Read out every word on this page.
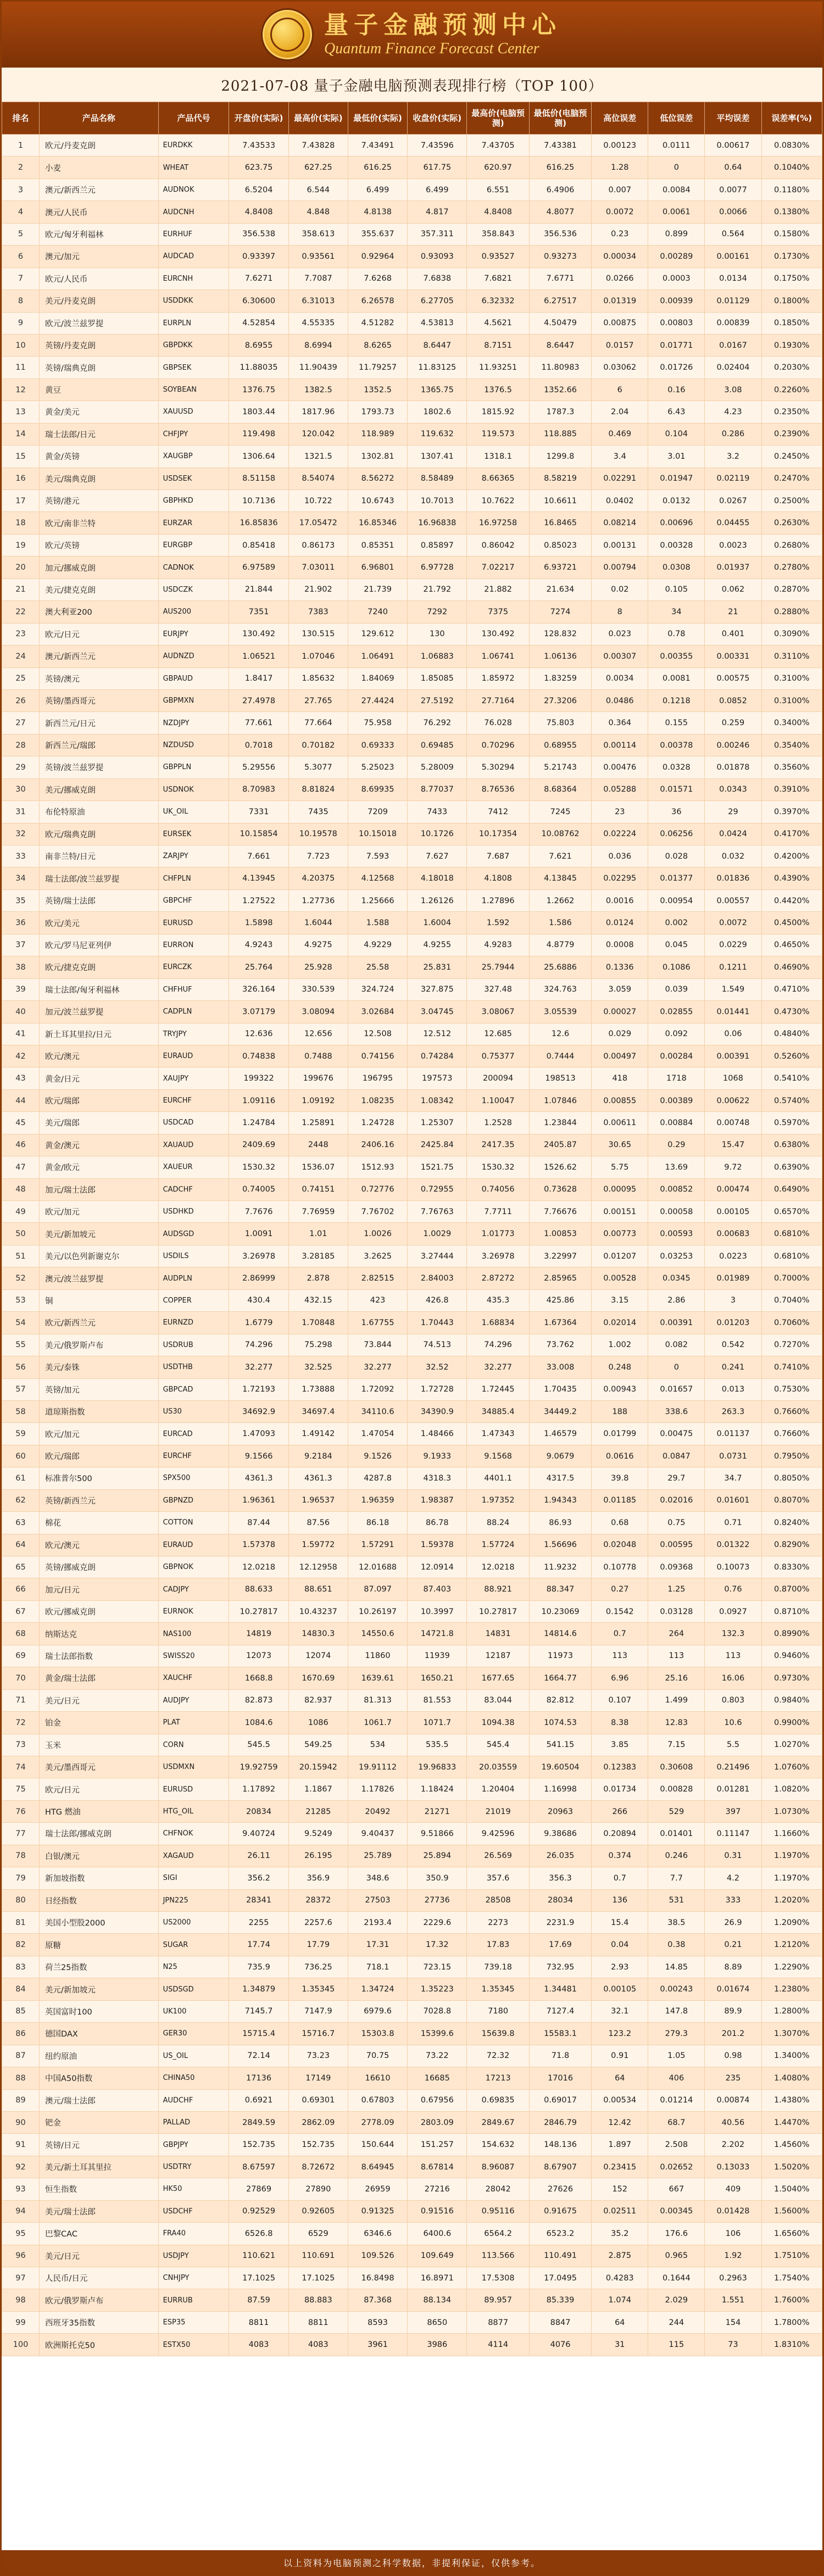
量子金融预测中心
Quantum Finance Forecast Center
2021-07-08 量子金融电脑预测表现排行榜（TOP 100）
排名	产品名称	产品代号	开盘价(实际)	最高价(实际)	最低价(实际)	收盘价(实际)	最高价(电脑预测)	最低价(电脑预测)	高位误差	低位误差	平均误差	误差率(%)
1	欧元/丹麦克朗	EURDKK	7.43533	7.43828	7.43491	7.43596	7.43705	7.43381	0.00123	0.0111	0.00617	0.0830%
2	小麦	WHEAT	623.75	627.25	616.25	617.75	620.97	616.25	1.28	0	0.64	0.1040%
3	澳元/新西兰元	AUDNOK	6.5204	6.544	6.499	6.499	6.551	6.4906	0.007	0.0084	0.0077	0.1180%
4	澳元/人民币	AUDCNH	4.8408	4.848	4.8138	4.817	4.8408	4.8077	0.0072	0.0061	0.0066	0.1380%
5	欧元/匈牙利福林	EURHUF	356.538	358.613	355.637	357.311	358.843	356.536	0.23	0.899	0.564	0.1580%
6	澳元/加元	AUDCAD	0.93397	0.93561	0.92964	0.93093	0.93527	0.93273	0.00034	0.00289	0.00161	0.1730%
7	欧元/人民币	EURCNH	7.6271	7.7087	7.6268	7.6838	7.6821	7.6771	0.0266	0.0003	0.0134	0.1750%
8	美元/丹麦克朗	USDDKK	6.30600	6.31013	6.26578	6.27705	6.32332	6.27517	0.01319	0.00939	0.01129	0.1800%
9	欧元/波兰兹罗提	EURPLN	4.52854	4.55335	4.51282	4.53813	4.5621	4.50479	0.00875	0.00803	0.00839	0.1850%
10	英镑/丹麦克朗	GBPDKK	8.6955	8.6994	8.6265	8.6447	8.7151	8.6447	0.0157	0.01771	0.0167	0.1930%
11	英镑/瑞典克朗	GBPSEK	11.88035	11.90439	11.79257	11.83125	11.93251	11.80983	0.03062	0.01726	0.02404	0.2030%
12	黄豆	SOYBEAN	1376.75	1382.5	1352.5	1365.75	1376.5	1352.66	6	0.16	3.08	0.2260%
13	黄金/美元	XAUUSD	1803.44	1817.96	1793.73	1802.6	1815.92	1787.3	2.04	6.43	4.23	0.2350%
14	瑞士法郎/日元	CHFJPY	119.498	120.042	118.989	119.632	119.573	118.885	0.469	0.104	0.286	0.2390%
15	黄金/英镑	XAUGBP	1306.64	1321.5	1302.81	1307.41	1318.1	1299.8	3.4	3.01	3.2	0.2450%
16	美元/瑞典克朗	USDSEK	8.51158	8.54074	8.56272	8.58489	8.66365	8.58219	0.02291	0.01947	0.02119	0.2470%
17	英镑/港元	GBPHKD	10.7136	10.722	10.6743	10.7013	10.7622	10.6611	0.0402	0.0132	0.0267	0.2500%
18	欧元/南非兰特	EURZAR	16.85836	17.05472	16.85346	16.96838	16.97258	16.8465	0.08214	0.00696	0.04455	0.2630%
19	欧元/英镑	EURGBP	0.85418	0.86173	0.85351	0.85897	0.86042	0.85023	0.00131	0.00328	0.0023	0.2680%
20	加元/挪威克朗	CADNOK	6.97589	7.03011	6.96801	6.97728	7.02217	6.93721	0.00794	0.0308	0.01937	0.2780%
21	美元/捷克克朗	USDCZK	21.844	21.902	21.739	21.792	21.882	21.634	0.02	0.105	0.062	0.2870%
22	澳大利亚200	AUS200	7351	7383	7240	7292	7375	7274	8	34	21	0.2880%
23	欧元/日元	EURJPY	130.492	130.515	129.612	130	130.492	128.832	0.023	0.78	0.401	0.3090%
24	澳元/新西兰元	AUDNZD	1.06521	1.07046	1.06491	1.06883	1.06741	1.06136	0.00307	0.00355	0.00331	0.3110%
25	英镑/澳元	GBPAUD	1.8417	1.85632	1.84069	1.85085	1.85972	1.83259	0.0034	0.0081	0.00575	0.3100%
26	英镑/墨西哥元	GBPMXN	27.4978	27.765	27.4424	27.5192	27.7164	27.3206	0.0486	0.1218	0.0852	0.3100%
27	新西兰元/日元	NZDJPY	77.661	77.664	75.958	76.292	76.028	75.803	0.364	0.155	0.259	0.3400%
28	新西兰元/瑞郎	NZDUSD	0.7018	0.70182	0.69333	0.69485	0.70296	0.68955	0.00114	0.00378	0.00246	0.3540%
29	英镑/波兰兹罗提	GBPPLN	5.29556	5.3077	5.25023	5.28009	5.30294	5.21743	0.00476	0.0328	0.01878	0.3560%
30	美元/挪威克朗	USDNOK	8.70983	8.81824	8.69935	8.77037	8.76536	8.68364	0.05288	0.01571	0.0343	0.3910%
31	布伦特原油	UK_OIL	7331	7435	7209	7433	7412	7245	23	36	29	0.3970%
32	欧元/瑞典克朗	EURSEK	10.15854	10.19578	10.15018	10.1726	10.17354	10.08762	0.02224	0.06256	0.0424	0.4170%
33	南非兰特/日元	ZARJPY	7.661	7.723	7.593	7.627	7.687	7.621	0.036	0.028	0.032	0.4200%
34	瑞士法郎/波兰兹罗提	CHFPLN	4.13945	4.20375	4.12568	4.18018	4.1808	4.13845	0.02295	0.01377	0.01836	0.4390%
35	英镑/瑞士法郎	GBPCHF	1.27522	1.27736	1.25666	1.26126	1.27896	1.2662	0.0016	0.00954	0.00557	0.4420%
36	欧元/美元	EURUSD	1.5898	1.6044	1.588	1.6004	1.592	1.586	0.0124	0.002	0.0072	0.4500%
37	欧元/罗马尼亚列伊	EURRON	4.9243	4.9275	4.9229	4.9255	4.9283	4.8779	0.0008	0.045	0.0229	0.4650%
38	欧元/捷克克朗	EURCZK	25.764	25.928	25.58	25.831	25.7944	25.6886	0.1336	0.1086	0.1211	0.4690%
39	瑞士法郎/匈牙利福林	CHFHUF	326.164	330.539	324.724	327.875	327.48	324.763	3.059	0.039	1.549	0.4710%
40	加元/波兰兹罗提	CADPLN	3.07179	3.08094	3.02684	3.04745	3.08067	3.05539	0.00027	0.02855	0.01441	0.4730%
41	新土耳其里拉/日元	TRYJPY	12.636	12.656	12.508	12.512	12.685	12.6	0.029	0.092	0.06	0.4840%
42	欧元/澳元	EURAUD	0.74838	0.7488	0.74156	0.74284	0.75377	0.7444	0.00497	0.00284	0.00391	0.5260%
43	黄金/日元	XAUJPY	199322	199676	196795	197573	200094	198513	418	1718	1068	0.5410%
44	欧元/瑞郎	EURCHF	1.09116	1.09192	1.08235	1.08342	1.10047	1.07846	0.00855	0.00389	0.00622	0.5740%
45	美元/瑞郎	USDCAD	1.24784	1.25891	1.24728	1.25307	1.2528	1.23844	0.00611	0.00884	0.00748	0.5970%
46	黄金/澳元	XAUAUD	2409.69	2448	2406.16	2425.84	2417.35	2405.87	30.65	0.29	15.47	0.6380%
47	黄金/欧元	XAUEUR	1530.32	1536.07	1512.93	1521.75	1530.32	1526.62	5.75	13.69	9.72	0.6390%
48	加元/瑞士法郎	CADCHF	0.74005	0.74151	0.72776	0.72955	0.74056	0.73628	0.00095	0.00852	0.00474	0.6490%
49	欧元/加元	USDHKD	7.7676	7.76959	7.76702	7.76763	7.7711	7.76676	0.00151	0.00058	0.00105	0.6570%
50	美元/新加坡元	AUDSGD	1.0091	1.01	1.0026	1.0029	1.01773	1.00853	0.00773	0.00593	0.00683	0.6810%
51	美元/以色列新谢克尔	USDILS	3.26978	3.28185	3.2625	3.27444	3.26978	3.22997	0.01207	0.03253	0.0223	0.6810%
52	澳元/波兰兹罗提	AUDPLN	2.86999	2.878	2.82515	2.84003	2.87272	2.85965	0.00528	0.0345	0.01989	0.7000%
53	铜	COPPER	430.4	432.15	423	426.8	435.3	425.86	3.15	2.86	3	0.7040%
54	欧元/新西兰元	EURNZD	1.6779	1.70848	1.67755	1.70443	1.68834	1.67364	0.02014	0.00391	0.01203	0.7060%
55	美元/俄罗斯卢布	USDRUB	74.296	75.298	73.844	74.513	74.296	73.762	1.002	0.082	0.542	0.7270%
56	美元/泰铢	USDTHB	32.277	32.525	32.277	32.52	32.277	33.008	0.248	0	0.241	0.7410%
57	英镑/加元	GBPCAD	1.72193	1.73888	1.72092	1.72728	1.72445	1.70435	0.00943	0.01657	0.013	0.7530%
58	道琼斯指数	US30	34692.9	34697.4	34110.6	34390.9	34885.4	34449.2	188	338.6	263.3	0.7660%
59	欧元/加元	EURCAD	1.47093	1.49142	1.47054	1.48466	1.47343	1.46579	0.01799	0.00475	0.01137	0.7660%
60	欧元/瑞郎	EURCHF	9.1566	9.2184	9.1526	9.1933	9.1568	9.0679	0.0616	0.0847	0.0731	0.7950%
61	标准普尔500	SPX500	4361.3	4361.3	4287.8	4318.3	4401.1	4317.5	39.8	29.7	34.7	0.8050%
62	英镑/新西兰元	GBPNZD	1.96361	1.96537	1.96359	1.98387	1.97352	1.94343	0.01185	0.02016	0.01601	0.8070%
63	棉花	COTTON	87.44	87.56	86.18	86.78	88.24	86.93	0.68	0.75	0.71	0.8240%
64	欧元/澳元	EURAUD	1.57378	1.59772	1.57291	1.59378	1.57724	1.56696	0.02048	0.00595	0.01322	0.8290%
65	英镑/挪威克朗	GBPNOK	12.0218	12.12958	12.01688	12.0914	12.0218	11.9232	0.10778	0.09368	0.10073	0.8330%
66	加元/日元	CADJPY	88.633	88.651	87.097	87.403	88.921	88.347	0.27	1.25	0.76	0.8700%
67	欧元/挪威克朗	EURNOK	10.27817	10.43237	10.26197	10.3997	10.27817	10.23069	0.1542	0.03128	0.0927	0.8710%
68	纳斯达克	NAS100	14819	14830.3	14550.6	14721.8	14831	14814.6	0.7	264	132.3	0.8990%
69	瑞士法郎指数	SWISS20	12073	12074	11860	11939	12187	11973	113	113	113	0.9460%
70	黄金/瑞士法郎	XAUCHF	1668.8	1670.69	1639.61	1650.21	1677.65	1664.77	6.96	25.16	16.06	0.9730%
71	美元/日元	AUDJPY	82.873	82.937	81.313	81.553	83.044	82.812	0.107	1.499	0.803	0.9840%
72	铂金	PLAT	1084.6	1086	1061.7	1071.7	1094.38	1074.53	8.38	12.83	10.6	0.9900%
73	玉米	CORN	545.5	549.25	534	535.5	545.4	541.15	3.85	7.15	5.5	1.0270%
74	美元/墨西哥元	USDMXN	19.92759	20.15942	19.91112	19.96833	20.03559	19.60504	0.12383	0.30608	0.21496	1.0760%
75	欧元/日元	EURUSD	1.17892	1.1867	1.17826	1.18424	1.20404	1.16998	0.01734	0.00828	0.01281	1.0820%
76	HTG 燃油	HTG_OIL	20834	21285	20492	21271	21019	20963	266	529	397	1.0730%
77	瑞士法郎/挪威克朗	CHFNOK	9.40724	9.5249	9.40437	9.51866	9.42596	9.38686	0.20894	0.01401	0.11147	1.1660%
78	白银/澳元	XAGAUD	26.11	26.195	25.789	25.894	26.569	26.035	0.374	0.246	0.31	1.1970%
79	新加坡指数	SIGI	356.2	356.9	348.6	350.9	357.6	356.3	0.7	7.7	4.2	1.1970%
80	日经指数	JPN225	28341	28372	27503	27736	28508	28034	136	531	333	1.2020%
81	美国小型股2000	US2000	2255	2257.6	2193.4	2229.6	2273	2231.9	15.4	38.5	26.9	1.2090%
82	原糖	SUGAR	17.74	17.79	17.31	17.32	17.83	17.69	0.04	0.38	0.21	1.2120%
83	荷兰25指数	N25	735.9	736.25	718.1	723.15	739.18	732.95	2.93	14.85	8.89	1.2290%
84	美元/新加坡元	USDSGD	1.34879	1.35345	1.34724	1.35223	1.35345	1.34481	0.00105	0.00243	0.01674	1.2380%
85	英国富时100	UK100	7145.7	7147.9	6979.6	7028.8	7180	7127.4	32.1	147.8	89.9	1.2800%
86	德国DAX	GER30	15715.4	15716.7	15303.8	15399.6	15639.8	15583.1	123.2	279.3	201.2	1.3070%
87	纽约原油	US_OIL	72.14	73.23	70.75	73.22	72.32	71.8	0.91	1.05	0.98	1.3400%
88	中国A50指数	CHINA50	17136	17149	16610	16685	17213	17016	64	406	235	1.4080%
89	澳元/瑞士法郎	AUDCHF	0.6921	0.69301	0.67803	0.67956	0.69835	0.69017	0.00534	0.01214	0.00874	1.4380%
90	钯金	PALLAD	2849.59	2862.09	2778.09	2803.09	2849.67	2846.79	12.42	68.7	40.56	1.4470%
91	英镑/日元	GBPJPY	152.735	152.735	150.644	151.257	154.632	148.136	1.897	2.508	2.202	1.4560%
92	美元/新土耳其里拉	USDTRY	8.67597	8.72672	8.64945	8.67814	8.96087	8.67907	0.23415	0.02652	0.13033	1.5020%
93	恒生指数	HK50	27869	27890	26959	27216	28042	27626	152	667	409	1.5040%
94	美元/瑞士法郎	USDCHF	0.92529	0.92605	0.91325	0.91516	0.95116	0.91675	0.02511	0.00345	0.01428	1.5600%
95	巴黎CAC	FRA40	6526.8	6529	6346.6	6400.6	6564.2	6523.2	35.2	176.6	106	1.6560%
96	美元/日元	USDJPY	110.621	110.691	109.526	109.649	113.566	110.491	2.875	0.965	1.92	1.7510%
97	人民币/日元	CNHJPY	17.1025	17.1025	16.8498	16.8971	17.5308	17.0495	0.4283	0.1644	0.2963	1.7540%
98	欧元/俄罗斯卢布	EURRUB	87.59	88.883	87.368	88.134	89.957	85.339	1.074	2.029	1.551	1.7600%
99	西班牙35指数	ESP35	8811	8811	8593	8650	8877	8847	64	244	154	1.7800%
100	欧洲斯托克50	ESTX50	4083	4083	3961	3986	4114	4076	31	115	73	1.8310%
以上资料为电脑预测之科学数据，非提利保证，仅供参考。
